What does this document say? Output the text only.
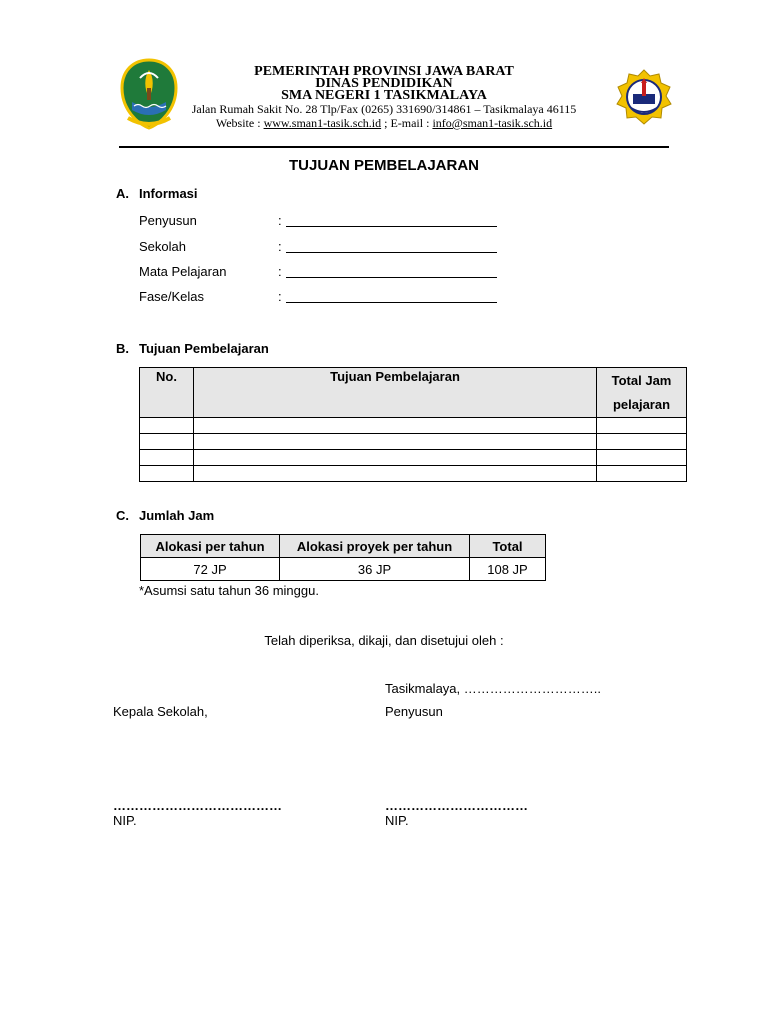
PEMERINTAH PROVINSI JAWA BARAT
DINAS PENDIDIKAN
SMA NEGERI 1 TASIKMALAYA
Jalan Rumah Sakit No. 28 Tlp/Fax (0265) 331690/314861 – Tasikmalaya 46115
Website : www.sman1-tasik.sch.id ; E-mail : info@sman1-tasik.sch.id
TUJUAN PEMBELAJARAN
A. Informasi
Penyusun	:
Sekolah	:
Mata Pelajaran	:
Fase/Kelas	:
B. Tujuan Pembelajaran
No.	Tujuan Pembelajaran	Total Jam
pelajaran

C. Jumlah Jam
Alokasi per tahun	Alokasi proyek per tahun	Total
72 JP	36 JP	108 JP
*Asumsi satu tahun 36 minggu.
Telah diperiksa, dikaji, dan disetujui oleh :
Tasikmalaya, …………………………..
Kepala Sekolah,	Penyusun
…………………………………	……………………………
NIP.	NIP.
